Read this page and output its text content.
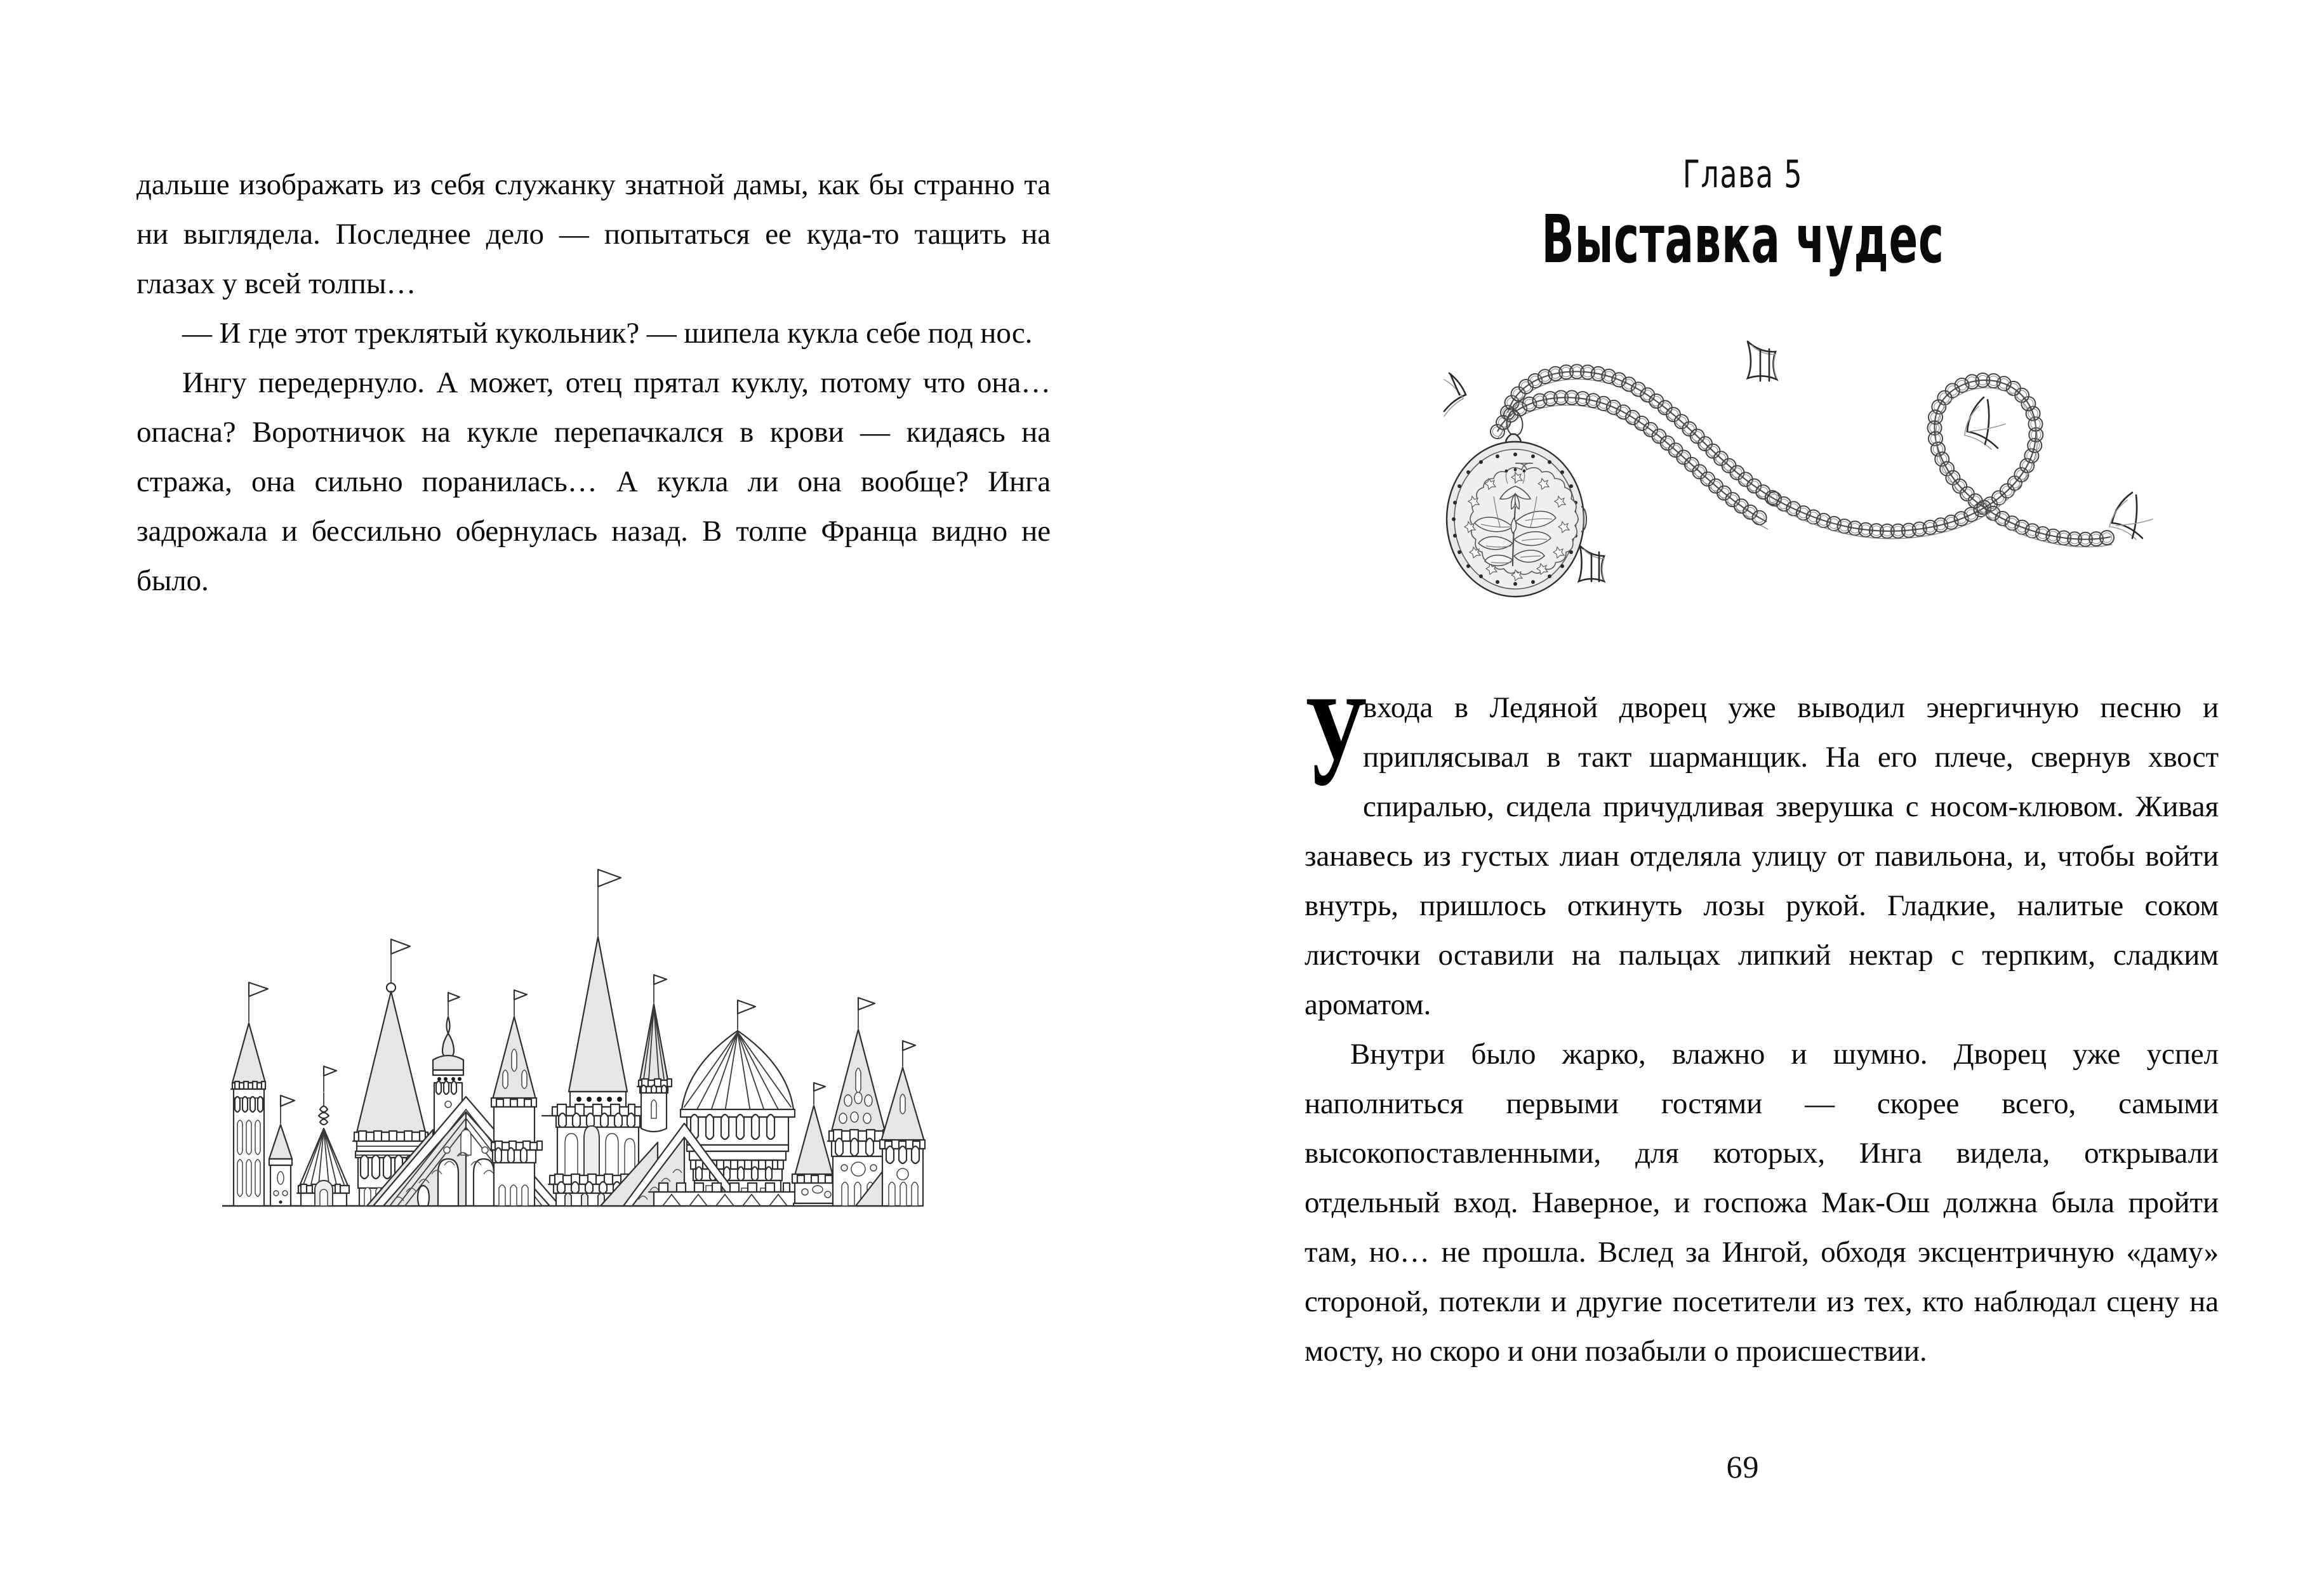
дальше изображать из себя служанку знатной дамы, как бы странно та ни выглядела. Последнее дело — попытаться ее куда-то тащить на глазах у всей толпы…

— И где этот треклятый кукольник? — шипела кукла себе под нос.

Ингу передернуло. А может, отец прятал куклу, потому что она… опасна? Воротничок на кукле перепачкался в крови — кидаясь на стража, она сильно поранилась… А кукла ли она вообще? Инга задрожала и бессильно обернулась назад. В толпе Франца видно не было.

Глава 5
Выставка чудес

У
входа в Ледяной дворец уже выводил энергичную песню и приплясывал в такт шарманщик. На его плече, свернув хвост спиралью, сидела причудливая зверушка с носом-клювом. Живая занавесь из густых лиан отделяла улицу от павильона, и, чтобы войти внутрь, пришлось откинуть лозы рукой. Гладкие, налитые соком листочки оставили на пальцах липкий нектар с терпким, сладким ароматом.

Внутри было жарко, влажно и шумно. Дворец уже успел наполниться первыми гостями — скорее всего, самыми высокопоставленными, для которых, Инга видела, открывали отдельный вход. Наверное, и госпожа Мак-Ош должна была пройти там, но… не прошла. Вслед за Ингой, обходя эксцентричную «даму» стороной, потекли и другие посетители из тех, кто наблюдал сцену на мосту, но скоро и они позабыли о происшествии.

69
